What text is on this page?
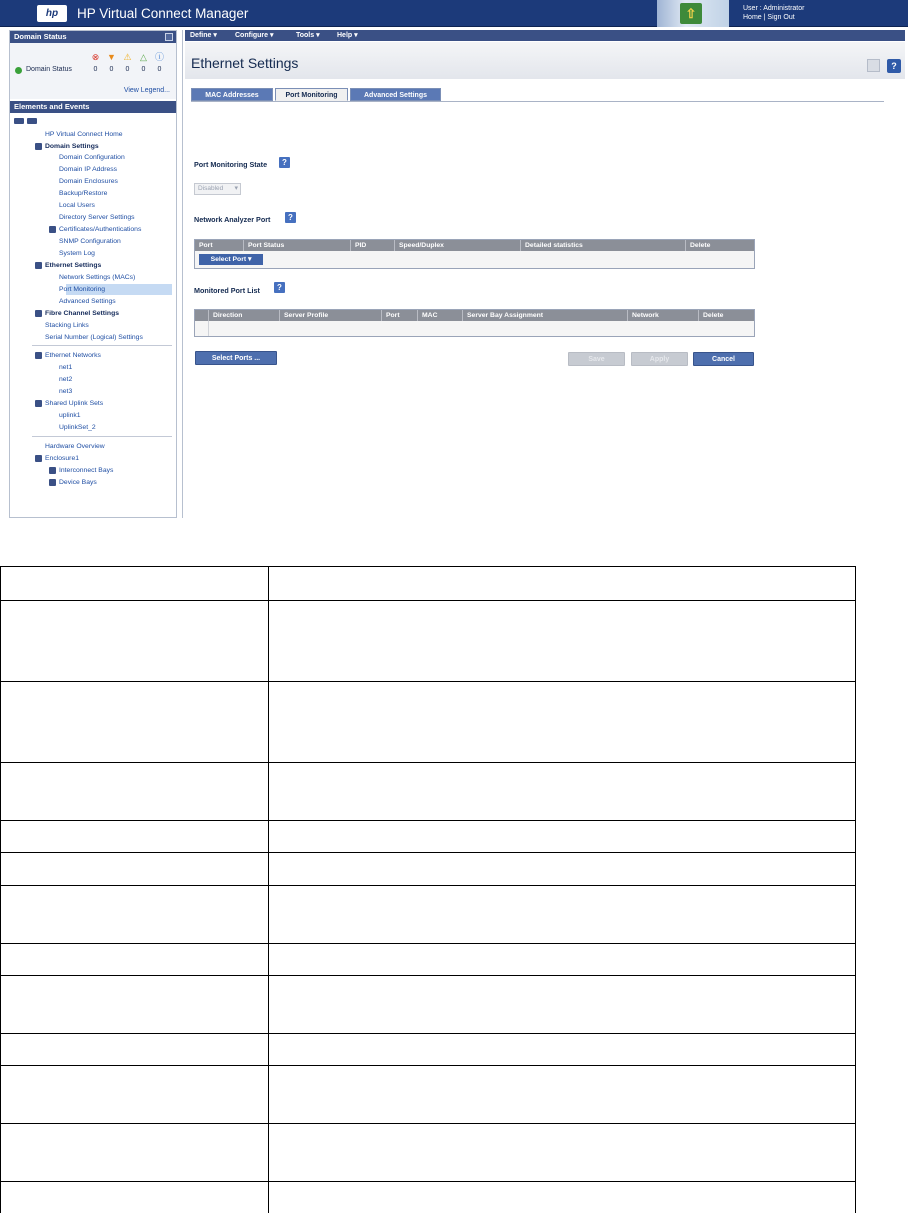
hp	HP Virtual Connect Manager	⇧	User : Administrator
Home | Sign Out
Domain Status
⊗ ▼ ⚠ △ ⓘ
Domain Status	0	0	0	0	0
View Legend...
Elements and Events
HP Virtual Connect Home
Domain Settings
Domain Configuration
Domain IP Address
Domain Enclosures
Backup/Restore
Local Users
Directory Server Settings
Certificates/Authentications
SNMP Configuration
System Log
Ethernet Settings
Network Settings (MACs)
Port Monitoring
Advanced Settings
Fibre Channel Settings
Stacking Links
Serial Number (Logical) Settings
Ethernet Networks
net1
net2
net3
Shared Uplink Sets
uplink1
UplinkSet_2
Hardware Overview
Enclosure1
Interconnect Bays
Device Bays
Define ▾	Configure ▾	Tools ▾ Help ▾
Ethernet Settings	?
MAC Addresses	Port Monitoring	Advanced Settings
Port Monitoring State	?
Disabled ▾
Network Analyzer Port	?
Port	Port Status	PID	Speed/Duplex	Detailed statistics	Delete
Select Port ▾
Monitored Port List	?
Direction	Server Profile	Port	MAC	Server Bay Assignment	Network	Delete
Select Ports ...	Save	Apply	Cancel
